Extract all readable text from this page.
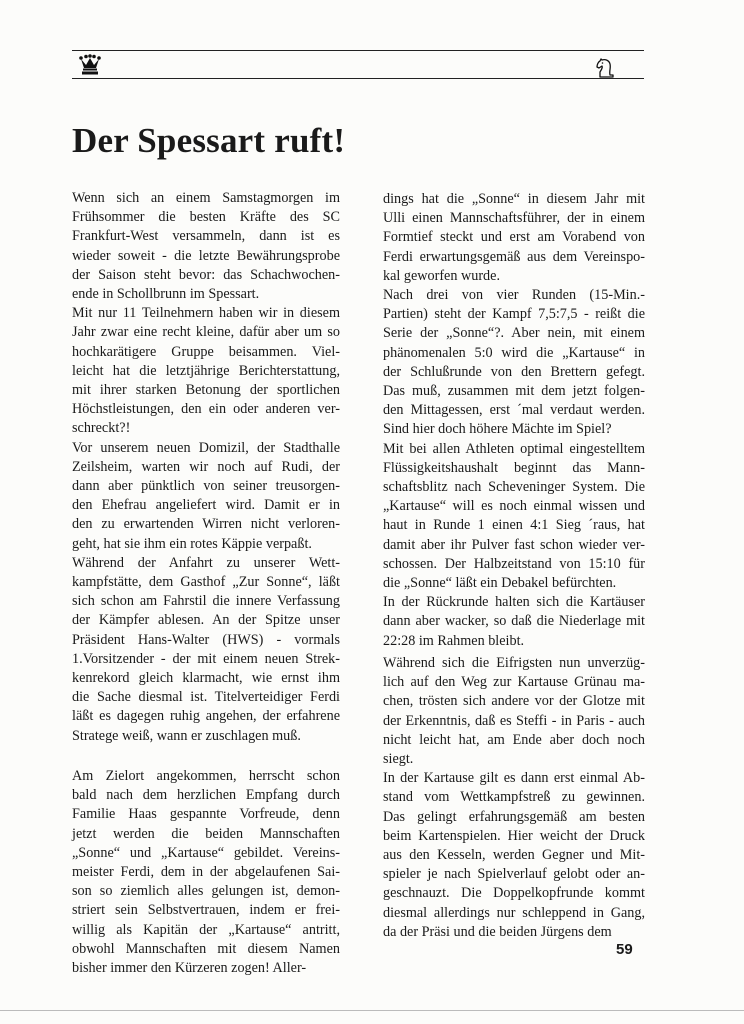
Der Spessart ruft!

Wenn sich an einem Samstagmorgen im
Frühsommer die besten Kräfte des SC
Frankfurt-West versammeln, dann ist es
wieder soweit - die letzte Bewährungsprobe
der Saison steht bevor: das Schachwochen-
ende in Schollbrunn im Spessart.

Mit nur 11 Teilnehmern haben wir in diesem
Jahr zwar eine recht kleine, dafür aber um so
hochkarätigere Gruppe beisammen. Viel-
leicht hat die letztjährige Berichterstattung,
mit ihrer starken Betonung der sportlichen
Höchstleistungen, den ein oder anderen ver-
schreckt?!

Vor unserem neuen Domizil, der Stadthalle
Zeilsheim, warten wir noch auf Rudi, der
dann aber pünktlich von seiner treusorgen-
den Ehefrau angeliefert wird. Damit er in
den zu erwartenden Wirren nicht verloren-
geht, hat sie ihm ein rotes Käppie verpaßt.

Während der Anfahrt zu unserer Wett-
kampfstätte, dem Gasthof „Zur Sonne“, läßt
sich schon am Fahrstil die innere Verfassung
der Kämpfer ablesen. An der Spitze unser
Präsident Hans-Walter (HWS) - vormals
1.Vorsitzender - der mit einem neuen Strek-
kenrekord gleich klarmacht, wie ernst ihm
die Sache diesmal ist. Titelverteidiger Ferdi
läßt es dagegen ruhig angehen, der erfahrene
Stratege weiß, wann er zuschlagen muß.

Am Zielort angekommen, herrscht schon
bald nach dem herzlichen Empfang durch
Familie Haas gespannte Vorfreude, denn
jetzt werden die beiden Mannschaften
„Sonne“ und „Kartause“ gebildet. Vereins-
meister Ferdi, dem in der abgelaufenen Sai-
son so ziemlich alles gelungen ist, demon-
striert sein Selbstvertrauen, indem er frei-
willig als Kapitän der „Kartause“ antritt,
obwohl Mannschaften mit diesem Namen
bisher immer den Kürzeren zogen! Aller-

dings hat die „Sonne“ in diesem Jahr mit
Ulli einen Mannschaftsführer, der in einem
Formtief steckt und erst am Vorabend von
Ferdi erwartungsgemäß aus dem Vereinspo-
kal geworfen wurde.

Nach drei von vier Runden (15-Min.-
Partien) steht der Kampf 7,5:7,5 - reißt die
Serie der „Sonne“?. Aber nein, mit einem
phänomenalen 5:0 wird die „Kartause“ in
der Schlußrunde von den Brettern gefegt.
Das muß, zusammen mit dem jetzt folgen-
den Mittagessen, erst ´mal verdaut werden.
Sind hier doch höhere Mächte im Spiel?

Mit bei allen Athleten optimal eingestelltem
Flüssigkeitshaushalt beginnt das Mann-
schaftsblitz nach Scheveninger System. Die
„Kartause“ will es noch einmal wissen und
haut in Runde 1 einen 4:1 Sieg ´raus, hat
damit aber ihr Pulver fast schon wieder ver-
schossen. Der Halbzeitstand von 15:10 für
die „Sonne“ läßt ein Debakel befürchten.

In der Rückrunde halten sich die Kartäuser
dann aber wacker, so daß die Niederlage mit
22:28 im Rahmen bleibt.

Während sich die Eifrigsten nun unverzüg-
lich auf den Weg zur Kartause Grünau ma-
chen, trösten sich andere vor der Glotze mit
der Erkenntnis, daß es Steffi - in Paris - auch
nicht leicht hat, am Ende aber doch noch
siegt.

In der Kartause gilt es dann erst einmal Ab-
stand vom Wettkampfstreß zu gewinnen.
Das gelingt erfahrungsgemäß am besten
beim Kartenspielen. Hier weicht der Druck
aus den Kesseln, werden Gegner und Mit-
spieler je nach Spielverlauf gelobt oder an-
geschnauzt. Die Doppelkopfrunde kommt
diesmal allerdings nur schleppend in Gang,
da der Präsi und die beiden Jürgens dem

59
